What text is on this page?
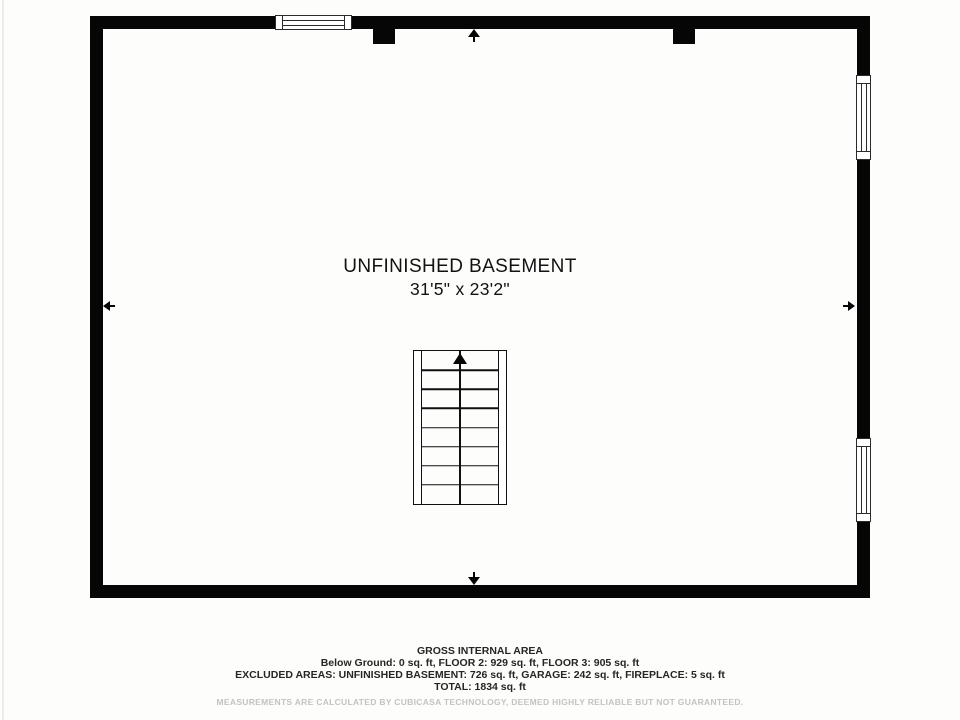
UNFINISHED BASEMENT
31'5" x 23'2"
GROSS INTERNAL AREA
Below Ground: 0 sq. ft, FLOOR 2: 929 sq. ft, FLOOR 3: 905 sq. ft
EXCLUDED AREAS: UNFINISHED BASEMENT: 726 sq. ft, GARAGE: 242 sq. ft, FIREPLACE: 5 sq. ft
TOTAL: 1834 sq. ft
MEASUREMENTS ARE CALCULATED BY CUBICASA TECHNOLOGY, DEEMED HIGHLY RELIABLE BUT NOT GUARANTEED.
